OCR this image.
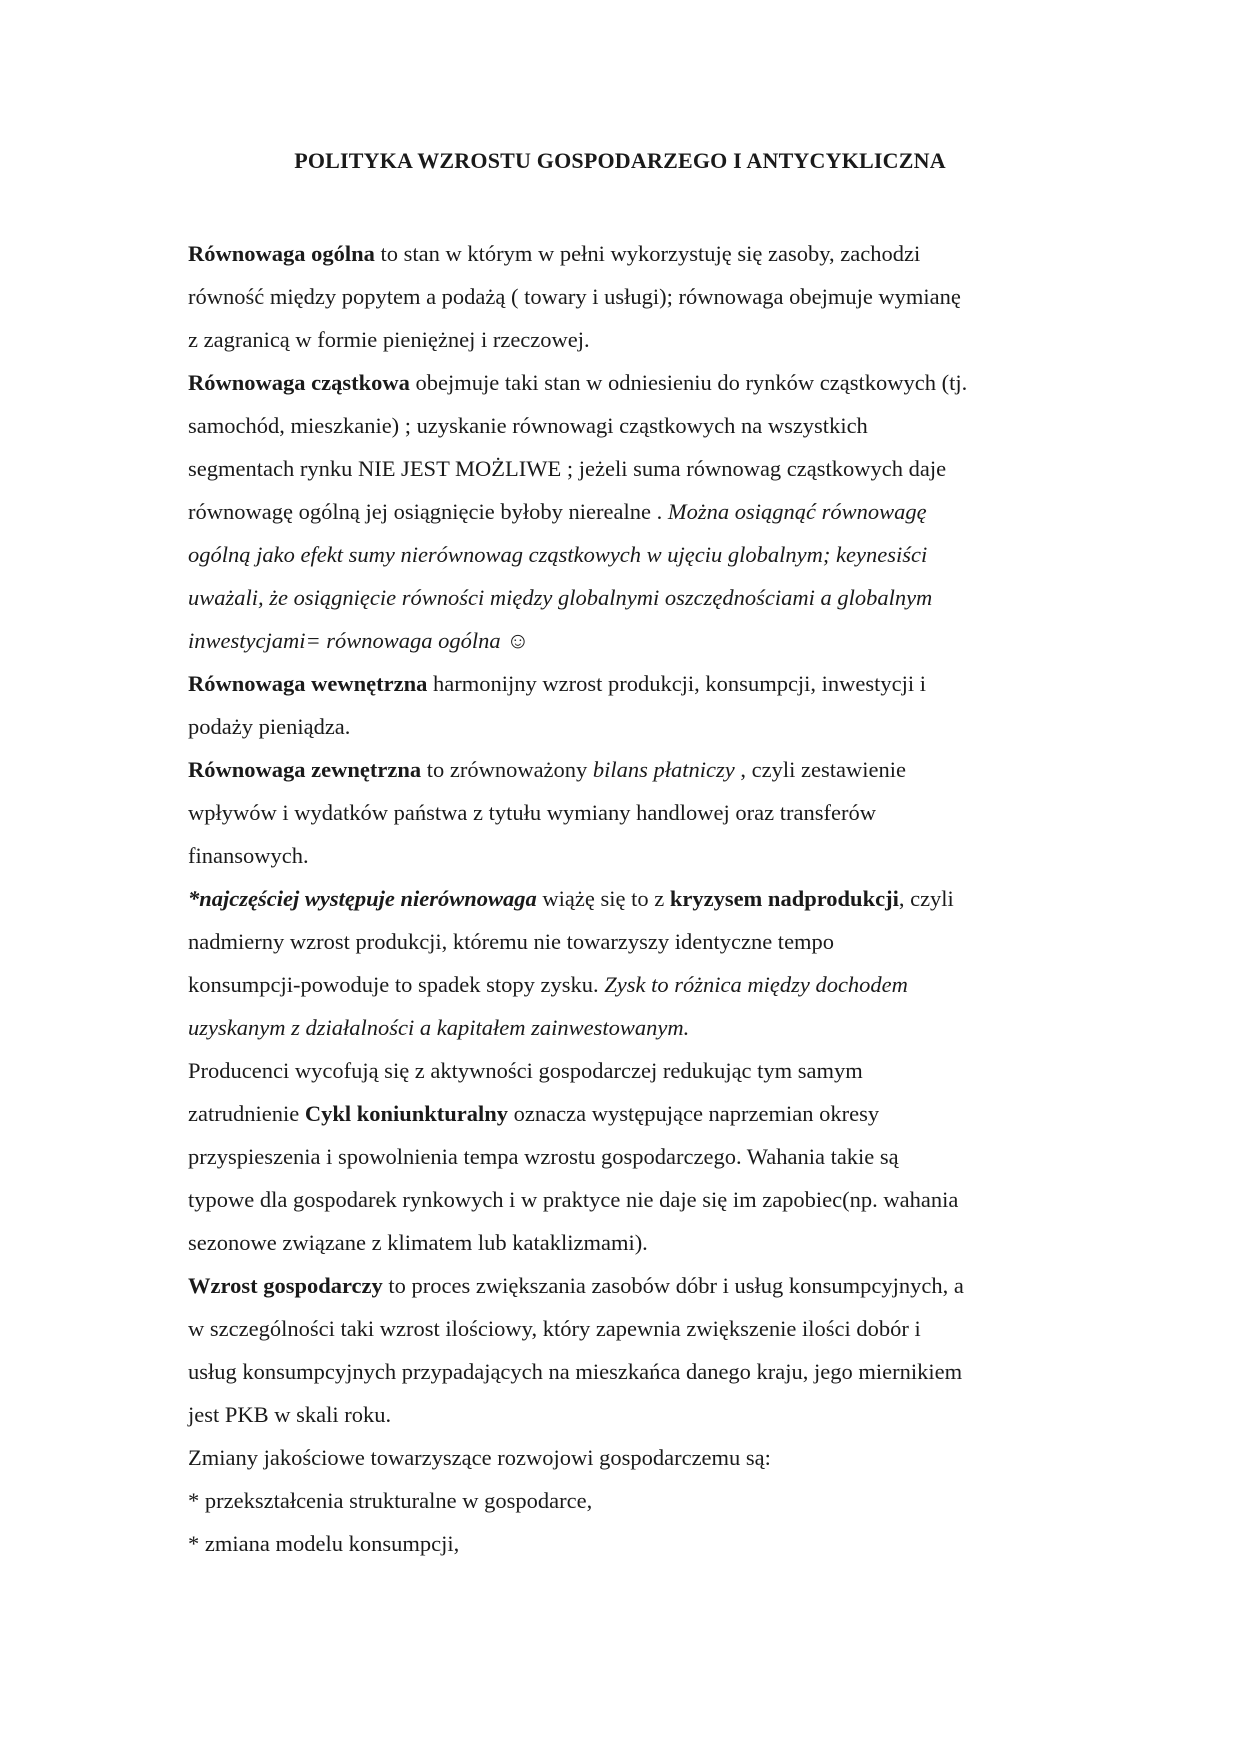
POLITYKA WZROSTU GOSPODARZEGO I ANTYCYKLICZNA

Równowaga ogólna to stan w którym w pełni wykorzystuję się zasoby, zachodzi
równość między popytem a podażą ( towary i usługi); równowaga obejmuje wymianę
z zagranicą w formie pieniężnej i rzeczowej.

Równowaga cząstkowa obejmuje taki stan w odniesieniu do rynków cząstkowych (tj.
samochód, mieszkanie) ; uzyskanie równowagi cząstkowych na wszystkich
segmentach rynku NIE JEST MOŻLIWE ; jeżeli suma równowag cząstkowych daje
równowagę ogólną jej osiągnięcie byłoby nierealne . Można osiągnąć równowagę
ogólną jako efekt sumy nierównowag cząstkowych w ujęciu globalnym; keynesiści
uważali, że osiągnięcie równości między globalnymi oszczędnościami a globalnym
inwestycjami= równowaga ogólna ☺

Równowaga wewnętrzna harmonijny wzrost produkcji, konsumpcji, inwestycji i
podaży pieniądza.

Równowaga zewnętrzna to zrównoważony bilans płatniczy , czyli zestawienie
wpływów i wydatków państwa z tytułu wymiany handlowej oraz transferów
finansowych.

*najczęściej występuje nierównowaga wiążę się to z kryzysem nadprodukcji, czyli
nadmierny wzrost produkcji, któremu nie towarzyszy identyczne tempo
konsumpcji-powoduje to spadek stopy zysku. Zysk to różnica między dochodem
uzyskanym z działalności a kapitałem zainwestowanym.

Producenci wycofują się z aktywności gospodarczej redukując tym samym
zatrudnienie Cykl koniunkturalny oznacza występujące naprzemian okresy
przyspieszenia i spowolnienia tempa wzrostu gospodarczego. Wahania takie są
typowe dla gospodarek rynkowych i w praktyce nie daje się im zapobiec(np. wahania
sezonowe związane z klimatem lub kataklizmami).

Wzrost gospodarczy to proces zwiększania zasobów dóbr i usług konsumpcyjnych, a
w szczególności taki wzrost ilościowy, który zapewnia zwiększenie ilości dobór i
usług konsumpcyjnych przypadających na mieszkańca danego kraju, jego miernikiem
jest PKB w skali roku.

Zmiany jakościowe towarzyszące rozwojowi gospodarczemu są:
* przekształcenia strukturalne w gospodarce,
* zmiana modelu konsumpcji,
